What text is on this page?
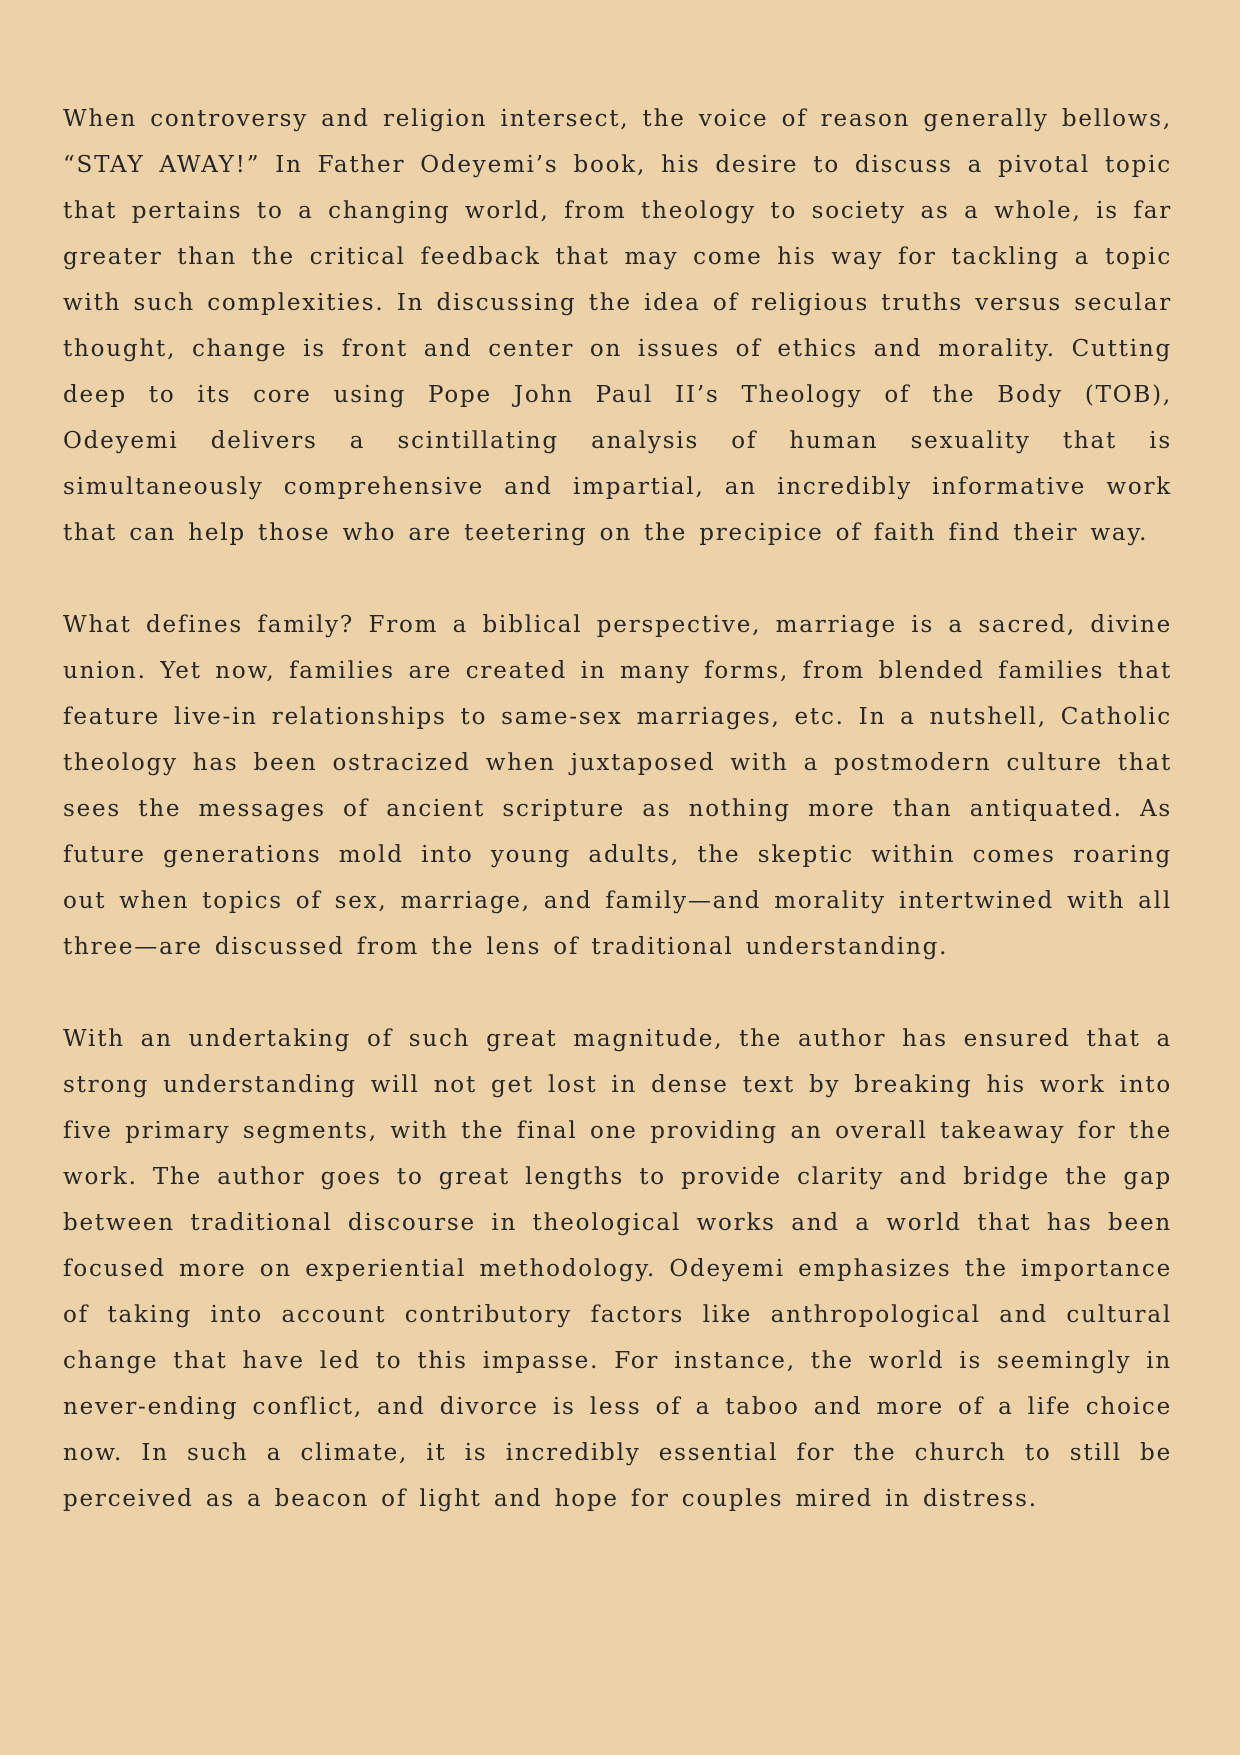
When controversy and religion intersect, the voice of reason generally bellows, “STAY AWAY!” In Father Odeyemi’s book, his desire to discuss a pivotal topic that pertains to a changing world, from theology to society as a whole, is far greater than the critical feedback that may come his way for tackling a topic with such complexities. In discussing the idea of religious truths versus secular thought, change is front and center on issues of ethics and morality. Cutting deep to its core using Pope John Paul II’s Theology of the Body (TOB), Odeyemi delivers a scintillating analysis of human sexuality that is simultaneously comprehensive and impartial, an incredibly informative work that can help those who are teetering on the precipice of faith find their way.

What defines family? From a biblical perspective, marriage is a sacred, divine union. Yet now, families are created in many forms, from blended families that feature live-in relationships to same-sex marriages, etc. In a nutshell, Catholic theology has been ostracized when juxtaposed with a postmodern culture that sees the messages of ancient scripture as nothing more than antiquated. As future generations mold into young adults, the skeptic within comes roaring out when topics of sex, marriage, and family—and morality intertwined with all three—are discussed from the lens of traditional understanding.

With an undertaking of such great magnitude, the author has ensured that a strong understanding will not get lost in dense text by breaking his work into five primary segments, with the final one providing an overall takeaway for the work. The author goes to great lengths to provide clarity and bridge the gap between traditional discourse in theological works and a world that has been focused more on experiential methodology. Odeyemi emphasizes the importance of taking into account contributory factors like anthropological and cultural change that have led to this impasse. For instance, the world is seemingly in never-ending conflict, and divorce is less of a taboo and more of a life choice now. In such a climate, it is incredibly essential for the church to still be perceived as a beacon of light and hope for couples mired in distress.
